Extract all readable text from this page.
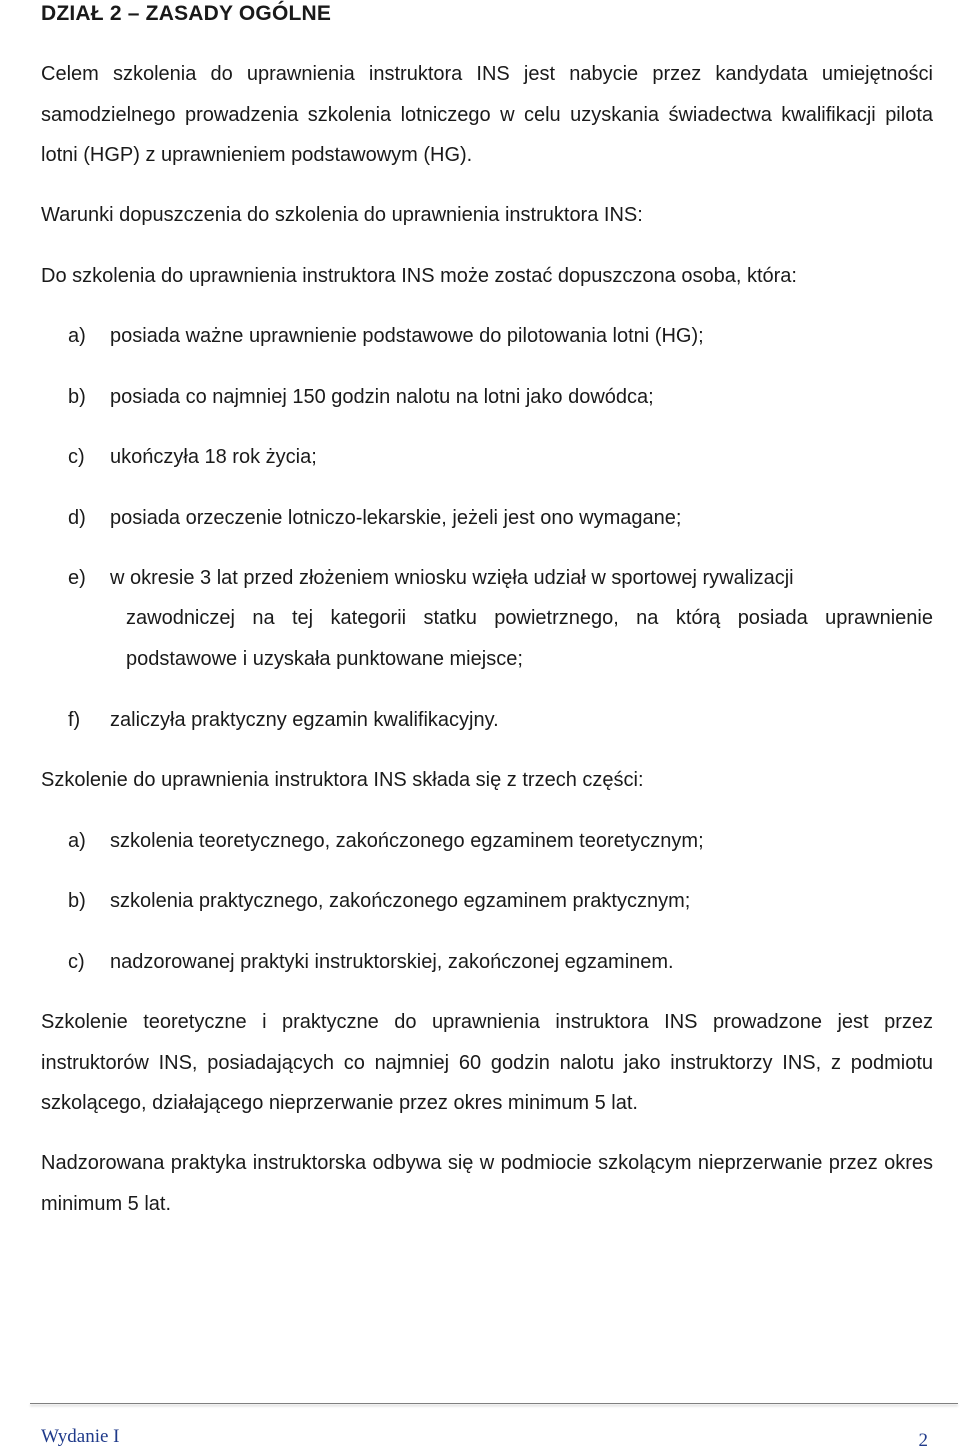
DZIAŁ 2 – ZASADY OGÓLNE

Celem szkolenia do uprawnienia instruktora INS jest nabycie przez kandydata umiejętności samodzielnego prowadzenia szkolenia lotniczego w celu uzyskania świadectwa kwalifikacji pilota lotni (HGP) z uprawnieniem podstawowym (HG).

Warunki dopuszczenia do szkolenia do uprawnienia instruktora INS:

Do szkolenia do uprawnienia instruktora INS może zostać dopuszczona osoba, która:

a) posiada ważne uprawnienie podstawowe do pilotowania lotni (HG);
b) posiada co najmniej 150 godzin nalotu na lotni jako dowódca;
c) ukończyła 18 rok życia;
d) posiada orzeczenie lotniczo-lekarskie, jeżeli jest ono wymagane;
e) w okresie 3 lat przed złożeniem wniosku wzięła udział w sportowej rywalizacji
zawodniczej na tej kategorii statku powietrznego, na którą posiada uprawnienie podstawowe i uzyskała punktowane miejsce;
f) zaliczyła praktyczny egzamin kwalifikacyjny.

Szkolenie do uprawnienia instruktora INS składa się z trzech części:

a) szkolenia teoretycznego, zakończonego egzaminem teoretycznym;
b) szkolenia praktycznego, zakończonego egzaminem praktycznym;
c) nadzorowanej praktyki instruktorskiej, zakończonej egzaminem.

Szkolenie teoretyczne i praktyczne do uprawnienia instruktora INS prowadzone jest przez instruktorów INS, posiadających co najmniej 60 godzin nalotu jako instruktorzy INS, z podmiotu szkolącego, działającego nieprzerwanie przez okres minimum 5 lat.

Nadzorowana praktyka instruktorska odbywa się w podmiocie szkolącym nieprzerwanie przez okres minimum 5 lat.

Wydanie I	2
